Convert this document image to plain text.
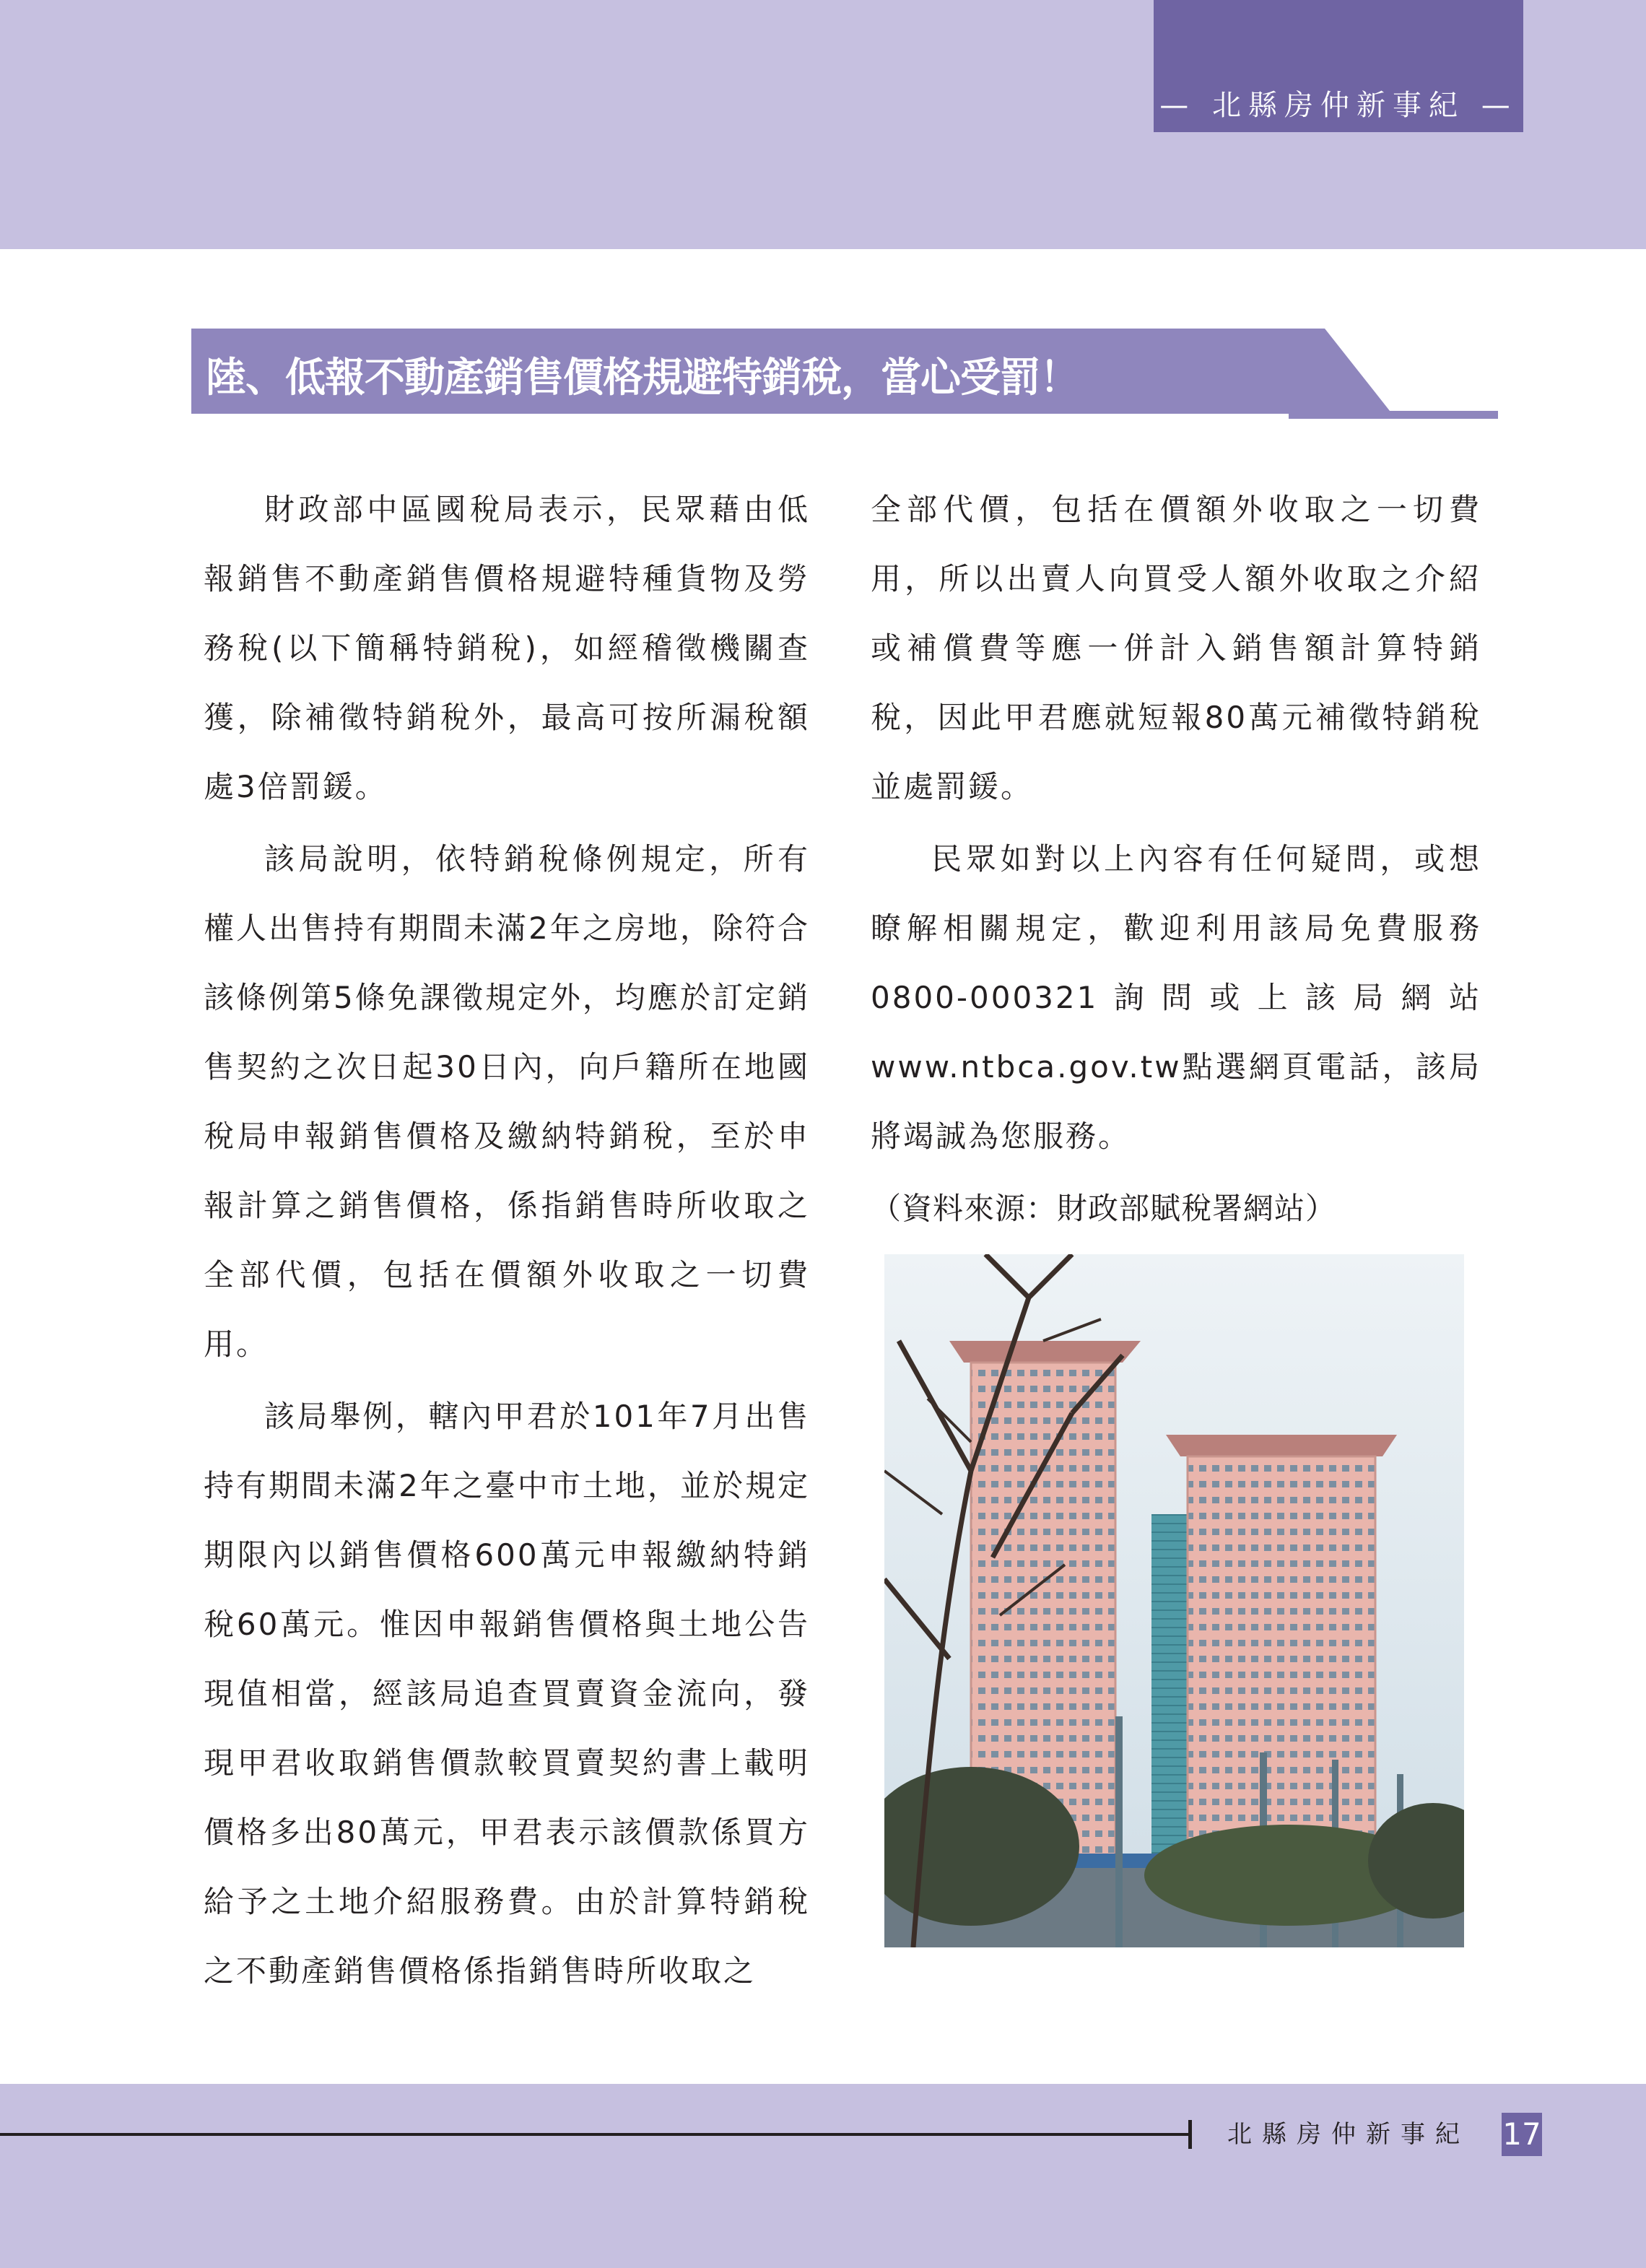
— 北縣房仲新事紀 —
陸、低報不動產銷售價格規避特銷稅，當心受罰！

財政部中區國稅局表示，民眾藉由低報銷售不動產銷售價格規避特種貨物及勞務稅(以下簡稱特銷稅)，如經稽徵機關查獲，除補徵特銷稅外，最高可按所漏稅額處3倍罰鍰。

該局說明，依特銷稅條例規定，所有權人出售持有期間未滿2年之房地，除符合該條例第5條免課徵規定外，均應於訂定銷售契約之次日起30日內，向戶籍所在地國稅局申報銷售價格及繳納特銷稅，至於申報計算之銷售價格，係指銷售時所收取之全部代價，包括在價額外收取之一切費用。

該局舉例，轄內甲君於101年7月出售持有期間未滿2年之臺中市土地，並於規定期限內以銷售價格600萬元申報繳納特銷稅60萬元。惟因申報銷售價格與土地公告現值相當，經該局追查買賣資金流向，發現甲君收取銷售價款較買賣契約書上載明價格多出80萬元，甲君表示該價款係買方給予之土地介紹服務費。由於計算特銷稅之不動產銷售價格係指銷售時所收取之

全部代價，包括在價額外收取之一切費用，所以出賣人向買受人額外收取之介紹或補償費等應一併計入銷售額計算特銷稅，因此甲君應就短報80萬元補徵特銷稅並處罰鍰。

民眾如對以上內容有任何疑問，或想瞭解相關規定，歡迎利用該局免費服務0800-000321詢問或上該局網站www.ntbca.gov.tw點選網頁電話，該局將竭誠為您服務。

（資料來源：財政部賦稅署網站）

北縣房仲新事紀 17
